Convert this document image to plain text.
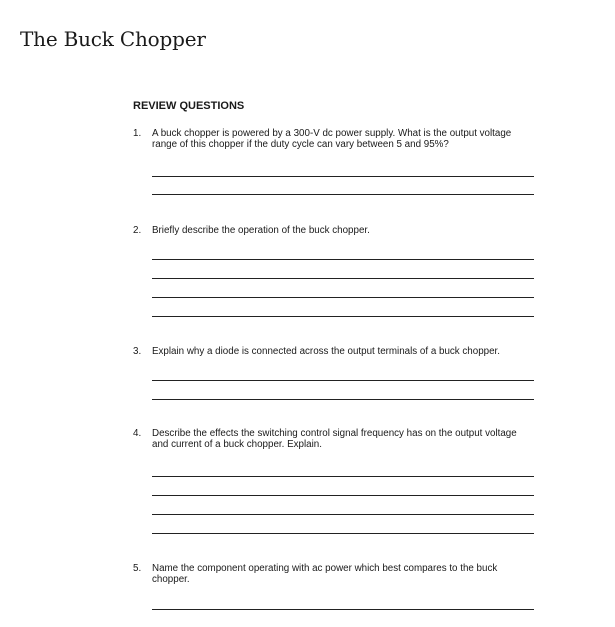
The Buck Chopper
REVIEW QUESTIONS
1.	A buck chopper is powered by a 300-V dc power supply. What is the output voltage range of this chopper if the duty cycle can vary between 5 and 95%?
2.	Briefly describe the operation of the buck chopper.
3.	Explain why a diode is connected across the output terminals of a buck chopper.
4.	Describe the effects the switching control signal frequency has on the output voltage and current of a buck chopper. Explain.
5.	Name the component operating with ac power which best compares to the buck chopper.
